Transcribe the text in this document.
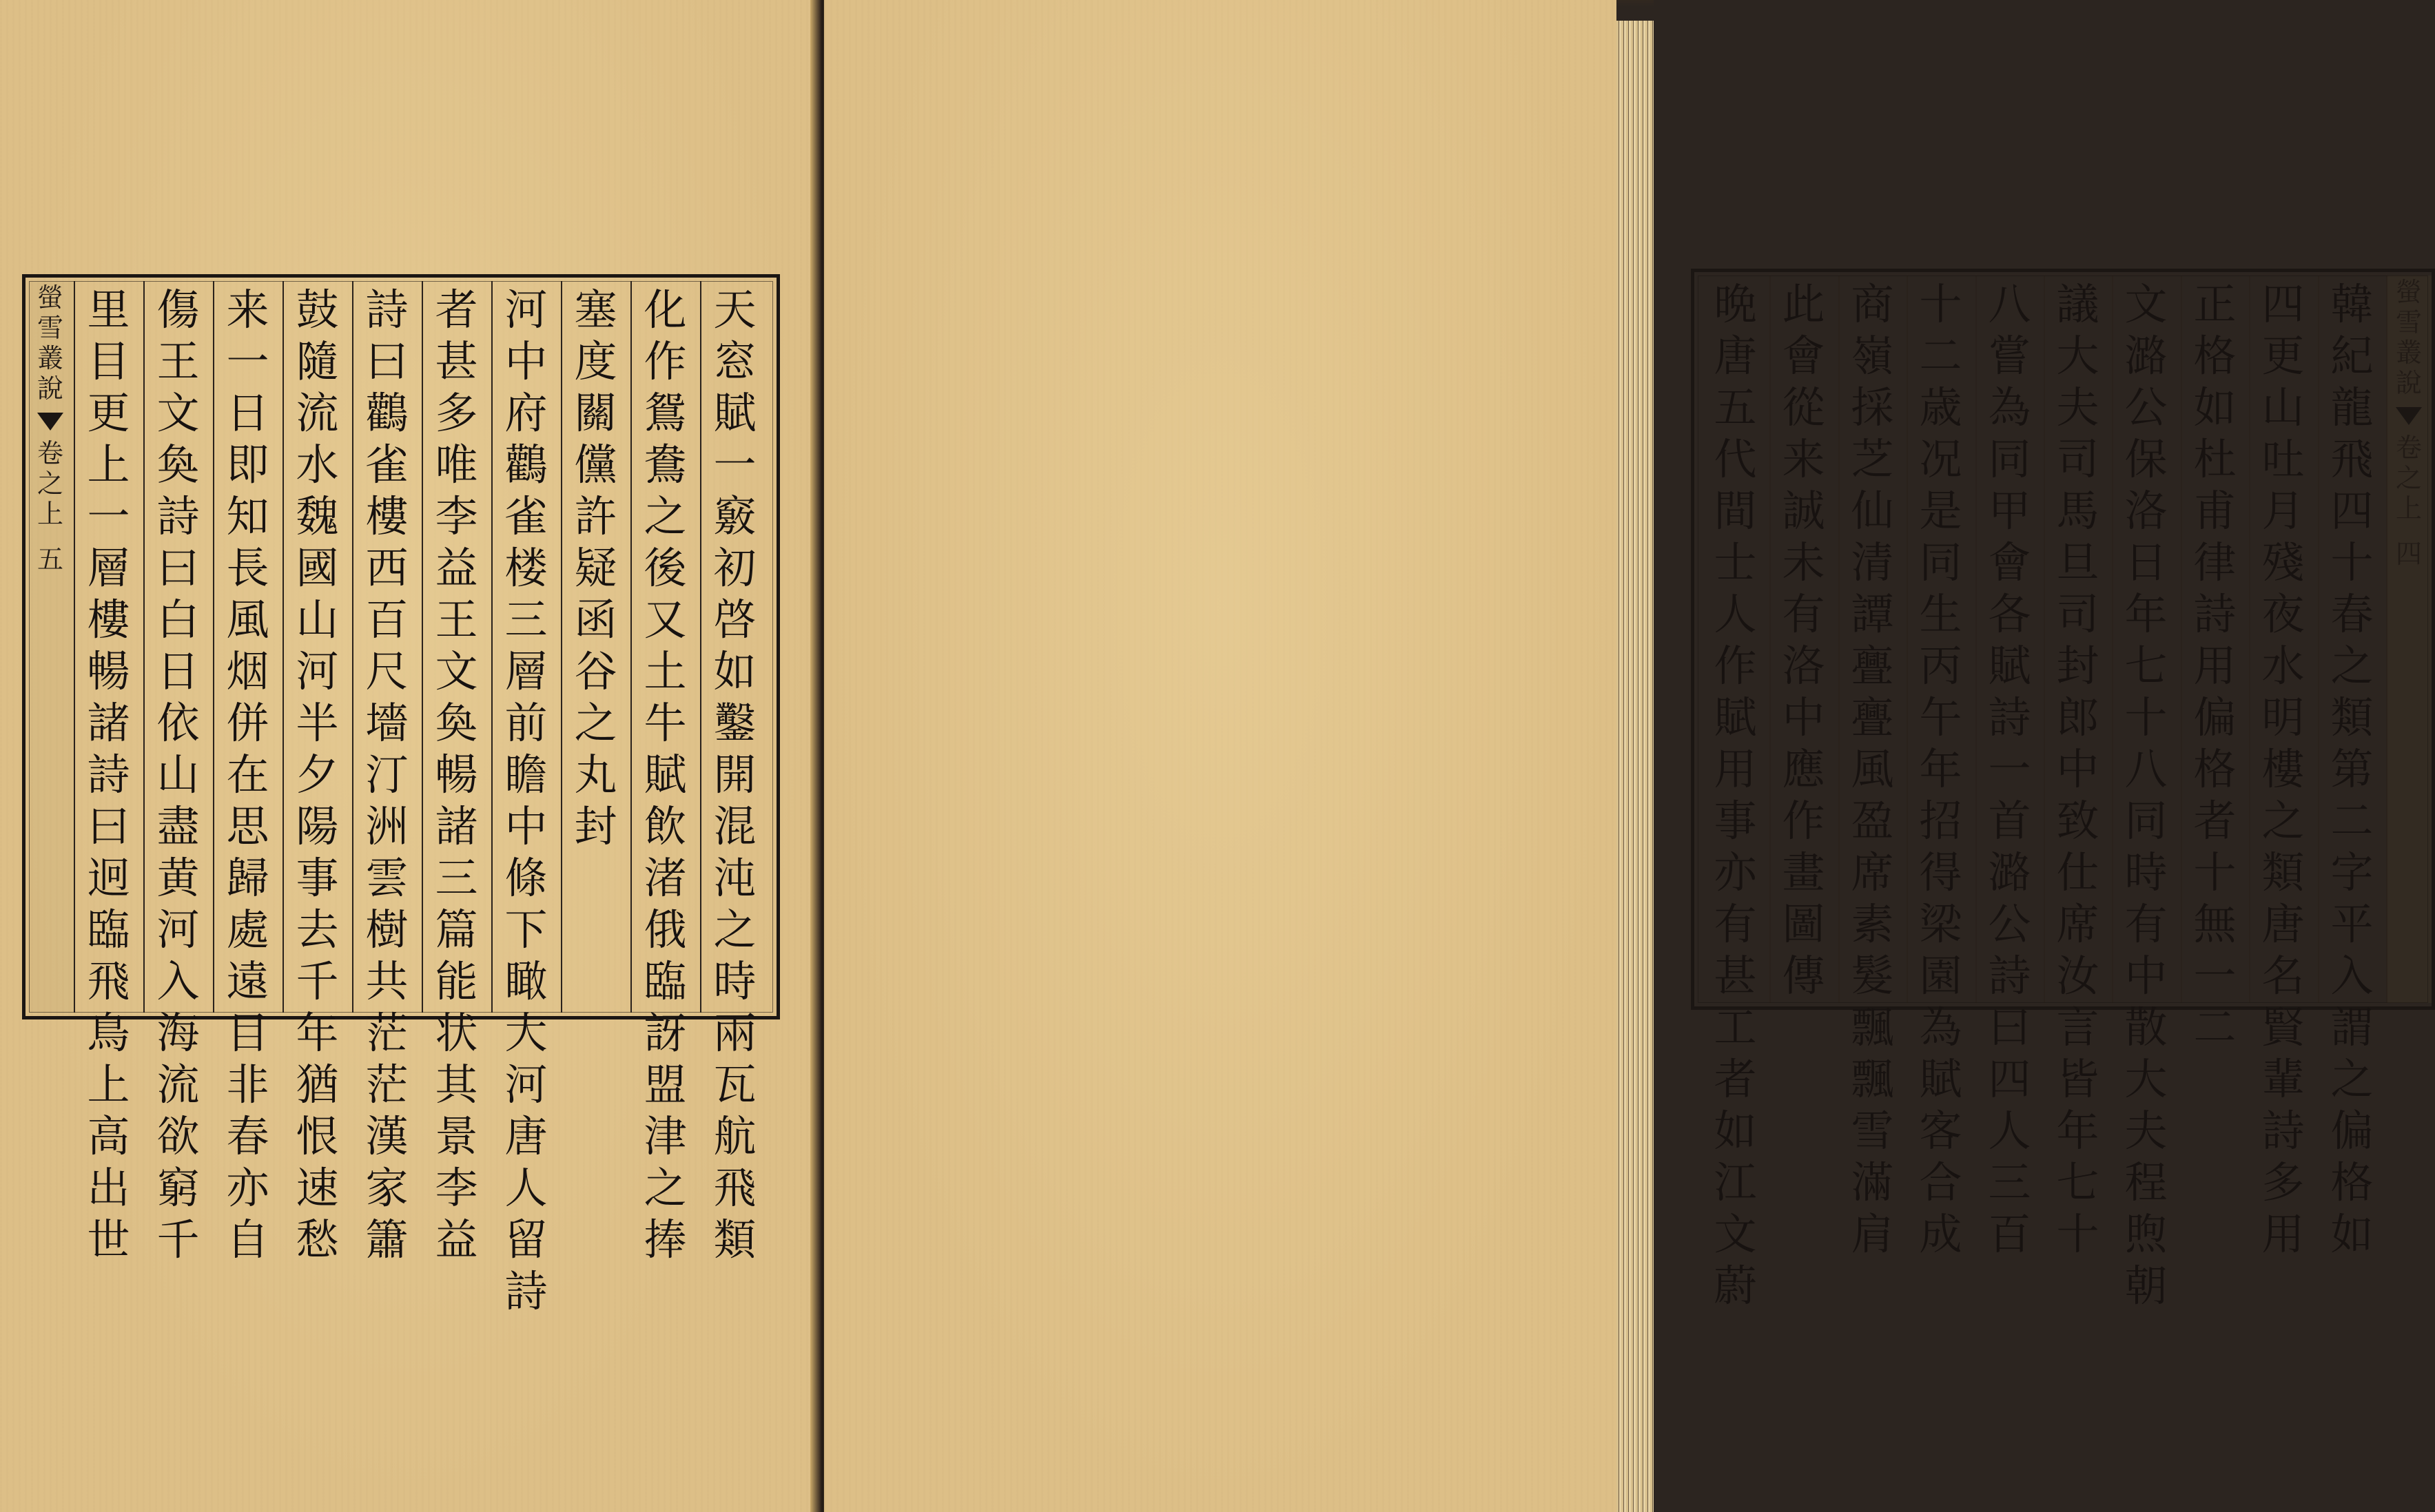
天
窓
賦
一
竅
初
啓
如
鑿
開
混
沌
之
時
兩
瓦
航
飛
類
化
作
鴛
鴦
之
後
又
土
牛
賦
飲
渚
俄
臨
訝
盟
津
之
捧
塞
度
關
儻
許
疑
函
谷
之
丸
封
河
中
府
鸛
雀
楼
三
層
前
瞻
中
條
下
瞰
大
河
唐
人
留
詩
者
甚
多
唯
李
益
王
文
奐
暢
諸
三
篇
能
状
其
景
李
益
詩
曰
鸛
雀
樓
西
百
尺
墻
汀
洲
雲
樹
共
茫
茫
漢
家
簫
鼓
隨
流
水
魏
國
山
河
半
夕
陽
事
去
千
年
猶
恨
速
愁
来
一
日
即
知
長
風
烟
併
在
思
歸
處
遠
目
非
春
亦
自
傷
王
文
奐
詩
曰
白
日
依
山
盡
黄
河
入
海
流
欲
窮
千
里
目
更
上
一
層
樓
暢
諸
詩
曰
迥
臨
飛
鳥
上
高
出
世
螢
雪
叢
說
卷
之
上
五
韓
紀
龍
飛
四
十
春
之
類
第
二
字
平
入
謂
之
偏
格
如
四
更
山
吐
月
殘
夜
水
明
樓
之
類
唐
名
賢
輩
詩
多
用
正
格
如
杜
甫
律
詩
用
偏
格
者
十
無
一
二
文
潞
公
保
洛
日
年
七
十
八
同
時
有
中
散
大
夫
程
煦
朝
議
大
夫
司
馬
旦
司
封
郎
中
致
仕
席
汝
言
皆
年
七
十
八
嘗
為
同
甲
會
各
賦
詩
一
首
潞
公
詩
曰
四
人
三
百
十
二
歳
况
是
同
生
丙
午
年
招
得
梁
園
為
賦
客
合
成
商
嶺
採
芝
仙
清
譚
亹
亹
風
盈
席
素
髮
飄
飄
雪
滿
肩
此
會
從
来
誠
未
有
洛
中
應
作
畫
圖
傳
晩
唐
五
代
間
士
人
作
賦
用
事
亦
有
甚
工
者
如
江
文
蔚
螢
雪
叢
說
卷
之
上
四
